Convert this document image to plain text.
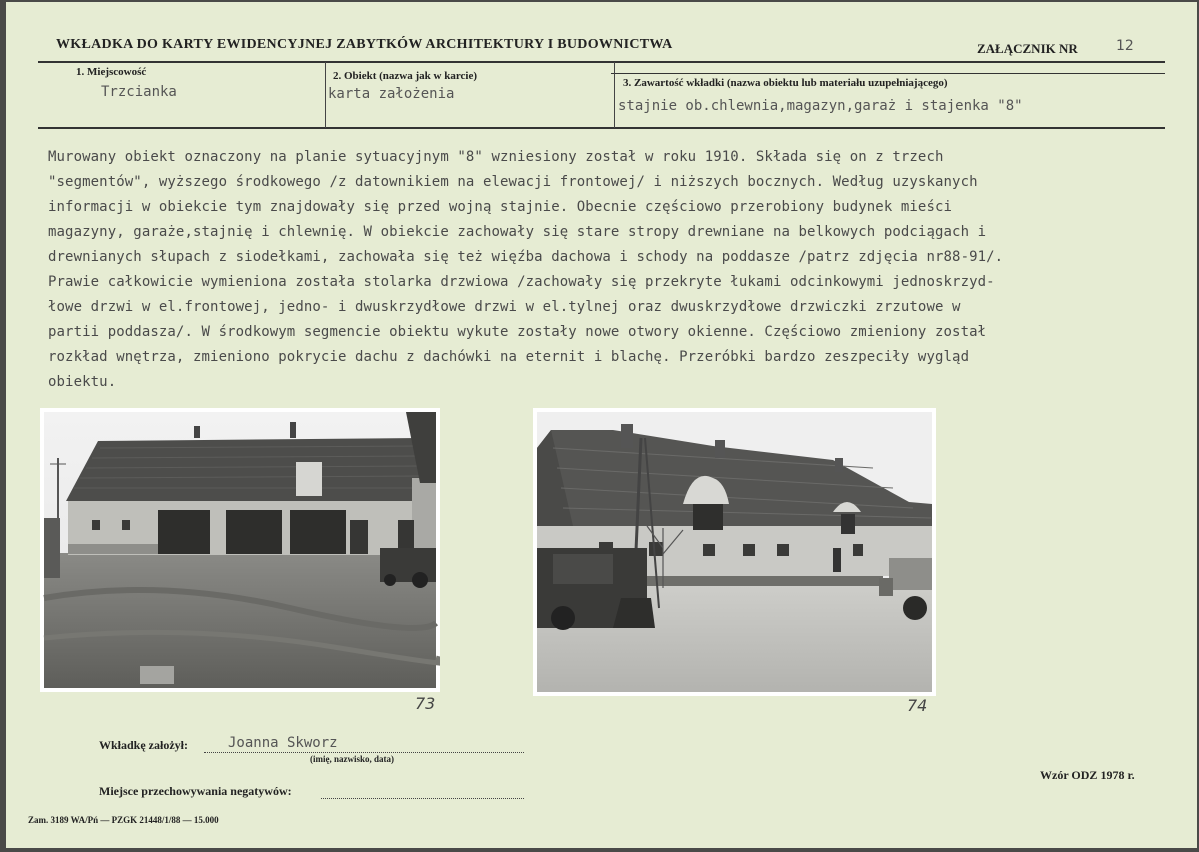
WKŁADKA DO KARTY EWIDENCYJNEJ ZABYTKÓW ARCHITEKTURY I BUDOWNICTWA	ZAŁĄCZNIK NR	12
1. Miejscowość
Trzcianka
2. Obiekt (nazwa jak w karcie)
karta założenia
3. Zawartość wkładki (nazwa obiektu lub materiału uzupełniającego)
stajnie ob.chlewnia,magazyn,garaż i stajenka "8"
Murowany obiekt oznaczony na planie sytuacyjnym "8" wzniesiony został w roku 1910. Składa się on z trzech
"segmentów", wyższego środkowego /z datownikiem na elewacji frontowej/ i niższych bocznych. Według uzyskanych
informacji w obiekcie tym znajdowały się przed wojną stajnie. Obecnie częściowo przerobiony budynek mieści
magazyny, garaże,stajnię i chlewnię. W obiekcie zachowały się stare stropy drewniane na belkowych podciągach i
drewnianych słupach z siodełkami, zachowała się też więźba dachowa i schody na poddasze /patrz zdjęcia nr88-91/.
Prawie całkowicie wymieniona została stolarka drzwiowa /zachowały się przekryte łukami odcinkowymi jednoskrzyd-
łowe drzwi w el.frontowej, jedno- i dwuskrzydłowe drzwi w el.tylnej oraz dwuskrzydłowe drzwiczki zrzutowe w
partii poddasza/. W środkowym segmencie obiektu wykute zostały nowe otwory okienne. Częściowo zmieniony został
rozkład wnętrza, zmieniono pokrycie dachu z dachówki na eternit i blachę. Przeróbki bardzo zeszpeciły wygląd
obiektu.
73	74
Wkładkę założył:	Joanna Skworz
(imię, nazwisko, data)
Miejsce przechowywania negatywów:
Wzór ODZ 1978 r.
Zam. 3189 WA/Pń — PZGK 21448/1/88 — 15.000
